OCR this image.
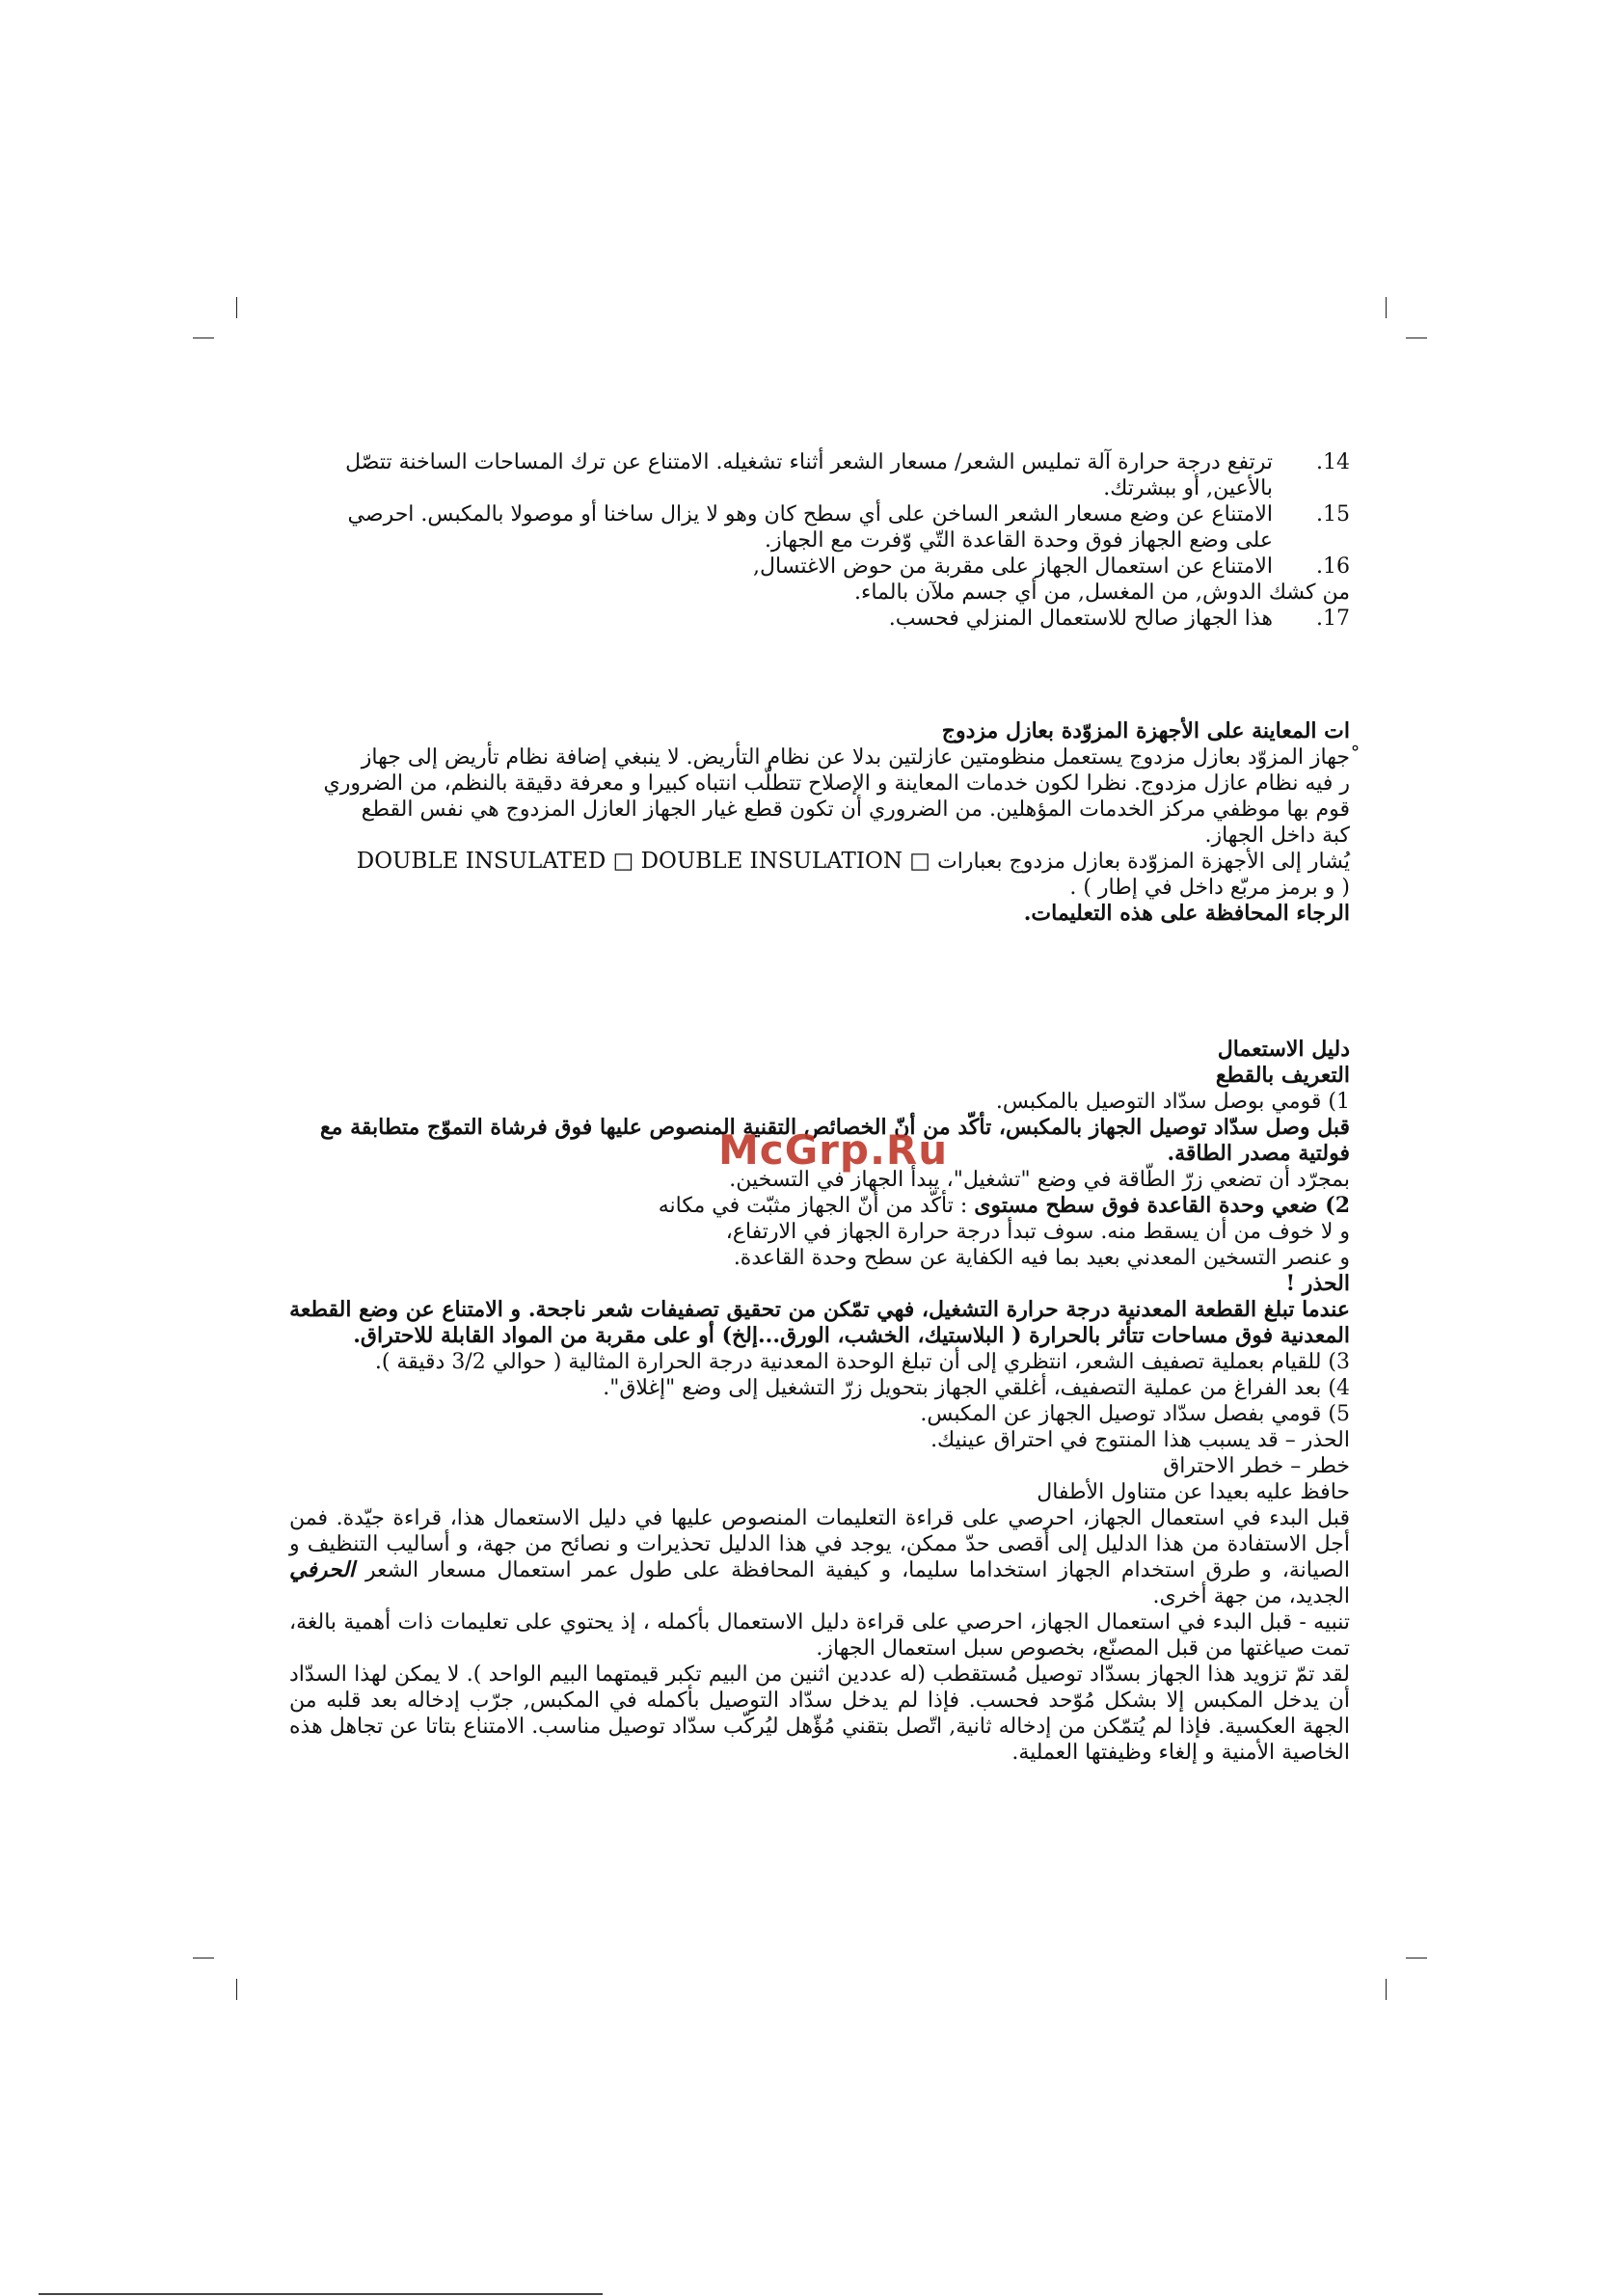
.14
ترتفع درجة حرارة آلة تمليس الشعر/ مسعار الشعر أثناء تشغيله. الامتناع عن ترك المساحات الساخنة تتصّل
بالأعين, أو ببشرتك.
.15
الامتناع عن وضع مسعار الشعر الساخن على أي سطح كان وهو لا يزال ساخنا أو موصولا بالمكبس. احرصي
على وضع الجهاز فوق وحدة القاعدة التّي وّفرت مع الجهاز.
.16
الامتناع عن استعمال الجهاز على مقربة من حوض الاغتسال,
من كشك الدوش, من المغسل, من أي جسم ملآن بالماء.
.17
هذا الجهاز صالح للاستعمال المنزلي فحسب.
ات المعاينة على الأجهزة المزوّدة بعازل مزدوج
ْجهاز المزوّد بعازل مزدوج يستعمل منظومتين عازلتين بدلا عن نظام التأريض. لا ينبغي إضافة نظام تأريض إلى جهاز
ر فيه نظام عازل مزدوج. نظرا لكون خدمات المعاينة و الإصلاح تتطلّب انتباه كبيرا و معرفة دقيقة بالنظم، من الضروري
قوم بها موظفي مركز الخدمات المؤهلين. من الضروري أن تكون قطع غيار الجهاز العازل المزدوج هي نفس القطع
كبة داخل الجهاز.
يُشار إلى الأجهزة المزوّدة بعازل مزدوج بعبارات DOUBLE INSULATED □ DOUBLE INSULATION □
( و برمز مربّع داخل في إطار ) .
الرجاء المحافظة على هذه التعليمات.
دليل الاستعمال
التعريف بالقطع
1) قومي بوصل سدّاد التوصيل بالمكبس.
قبل وصل سدّاد توصيل الجهاز بالمكبس، تأكّد من أنّ الخصائص التقنية المنصوص عليها فوق فرشاة التموّج متطابقة مع
فولتية مصدر الطاقة.
بمجرّد أن تضعي زرّ الطّاقة في وضع "تشغيل"، يبدأ الجهاز في التسخين.
2) ضعي وحدة القاعدة فوق سطح مستوى : تأكّد من أنّ الجهاز مثبّت في مكانه
و لا خوف من أن يسقط منه. سوف تبدأ درجة حرارة الجهاز في الارتفاع،
و عنصر التسخين المعدني بعيد بما فيه الكفاية عن سطح وحدة القاعدة.
الحذر !
عندما تبلغ القطعة المعدنية درجة حرارة التشغيل، فهي تمّكن من تحقيق تصفيفات شعر ناجحة. و الامتناع عن وضع القطعة
المعدنية فوق مساحات تتأثر بالحرارة ( البلاستيك، الخشب، الورق...إلخ) أو على مقربة من المواد القابلة للاحتراق.
3) للقيام بعملية تصفيف الشعر، انتظري إلى أن تبلغ الوحدة المعدنية درجة الحرارة المثالية ( حوالي 3/2 دقيقة ).
4) بعد الفراغ من عملية التصفيف، أغلقي الجهاز بتحويل زرّ التشغيل إلى وضع "إغلاق".
5) قومي بفصل سدّاد توصيل الجهاز عن المكبس.
الحذر – قد يسبب هذا المنتوج في احتراق عينيك.
خطر – خطر الاحتراق
حافظ عليه بعيدا عن متناول الأطفال
قبل البدء في استعمال الجهاز، احرصي على قراءة التعليمات المنصوص عليها في دليل الاستعمال هذا، قراءة جيّدة. فمن أجل الاستفادة من هذا الدليل إلى أقصى حدّ ممكن، يوجد في هذا الدليل تحذيرات و نصائح من جهة، و أساليب التنظيف و الصيانة، و طرق استخدام الجهاز استخداما سليما، و كيفية المحافظة على طول عمر استعمال مسعار الشعر الحرفي الجديد، من جهة أخرى.
تنبيه - قبل البدء في استعمال الجهاز، احرصي على قراءة دليل الاستعمال بأكمله ، إذ يحتوي على تعليمات ذات أهمية بالغة، تمت صياغتها من قبل المصنّع، بخصوص سبل استعمال الجهاز.
لقد تمّ تزويد هذا الجهاز بسدّاد توصيل مُستقطب (له عددين اثنين من البيم تكبر قيمتهما البيم الواحد ). لا يمكن لهذا السدّاد أن يدخل المكبس إلا بشكل مُوّحد فحسب. فإذا لم يدخل سدّاد التوصيل بأكمله في المكبس, جرّب إدخاله بعد قلبه من الجهة العكسية. فإذا لم يُتمّكن من إدخاله ثانية, اتّصل بتقني مُؤّهل ليُركّب سدّاد توصيل مناسب. الامتناع بتاتا عن تجاهل هذه الخاصية الأمنية و إلغاء وظيفتها العملية.
McGrp.Ru
